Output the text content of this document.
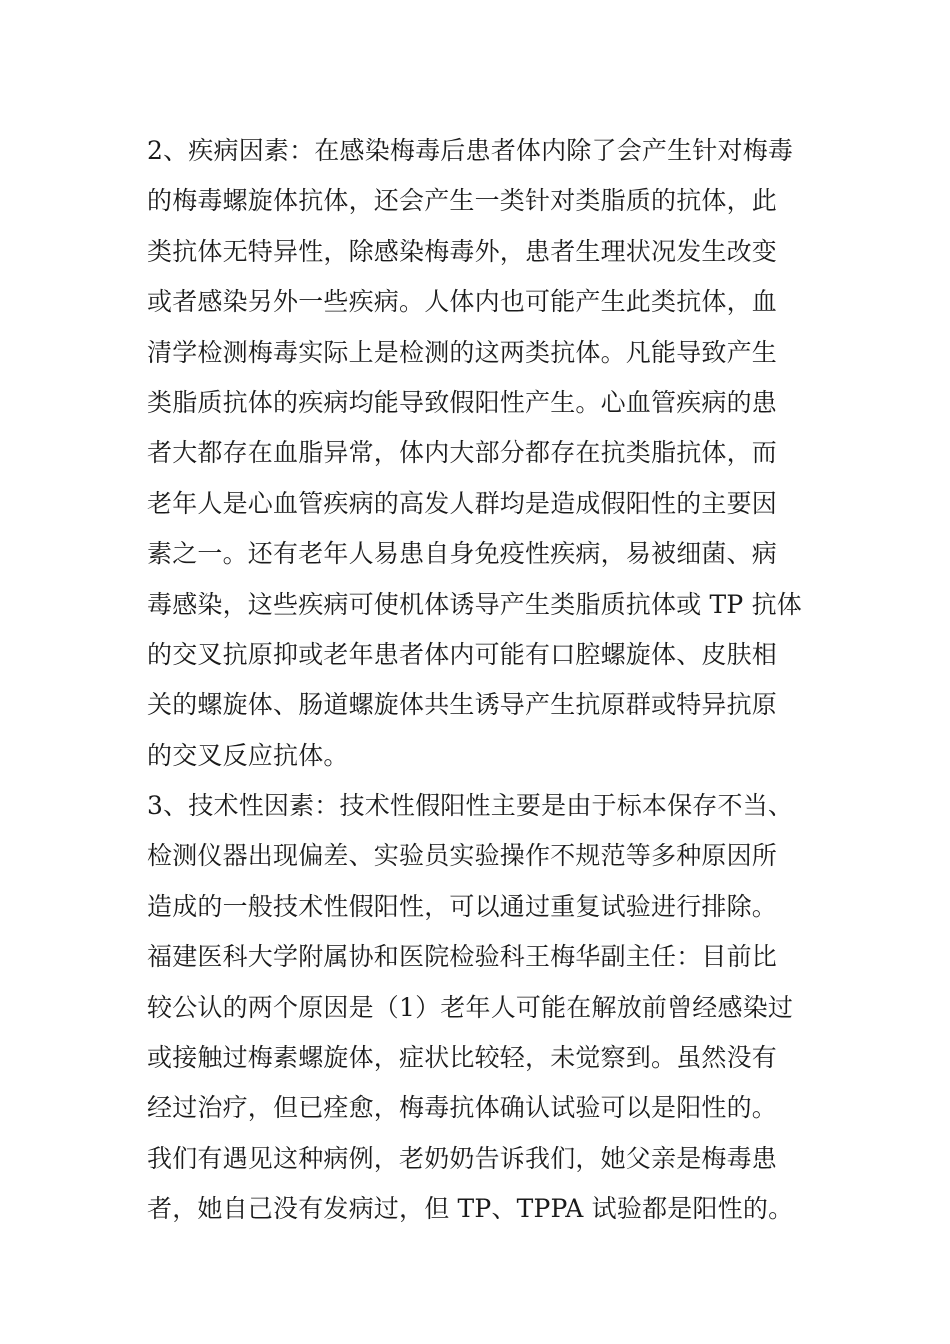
2、疾病因素：在感染梅毒后患者体内除了会产生针对梅毒
的梅毒螺旋体抗体，还会产生一类针对类脂质的抗体，此
类抗体无特异性，除感染梅毒外，患者生理状况发生改变
或者感染另外一些疾病。人体内也可能产生此类抗体，血
清学检测梅毒实际上是检测的这两类抗体。凡能导致产生
类脂质抗体的疾病均能导致假阳性产生。心血管疾病的患
者大都存在血脂异常，体内大部分都存在抗类脂抗体，而
老年人是心血管疾病的高发人群均是造成假阳性的主要因
素之一。还有老年人易患自身免疫性疾病，易被细菌、病
毒感染，这些疾病可使机体诱导产生类脂质抗体或 TP 抗体
的交叉抗原抑或老年患者体内可能有口腔螺旋体、皮肤相
关的螺旋体、肠道螺旋体共生诱导产生抗原群或特异抗原
的交叉反应抗体。
3、技术性因素：技术性假阳性主要是由于标本保存不当、
检测仪器出现偏差、实验员实验操作不规范等多种原因所
造成的一般技术性假阳性，可以通过重复试验进行排除。
福建医科大学附属协和医院检验科王梅华副主任：目前比
较公认的两个原因是（1）老年人可能在解放前曾经感染过
或接触过梅素螺旋体，症状比较轻，未觉察到。虽然没有
经过治疗，但已痊愈，梅毒抗体确认试验可以是阳性的。
我们有遇见这种病例，老奶奶告诉我们，她父亲是梅毒患
者，她自己没有发病过，但 TP、TPPA 试验都是阳性的。
